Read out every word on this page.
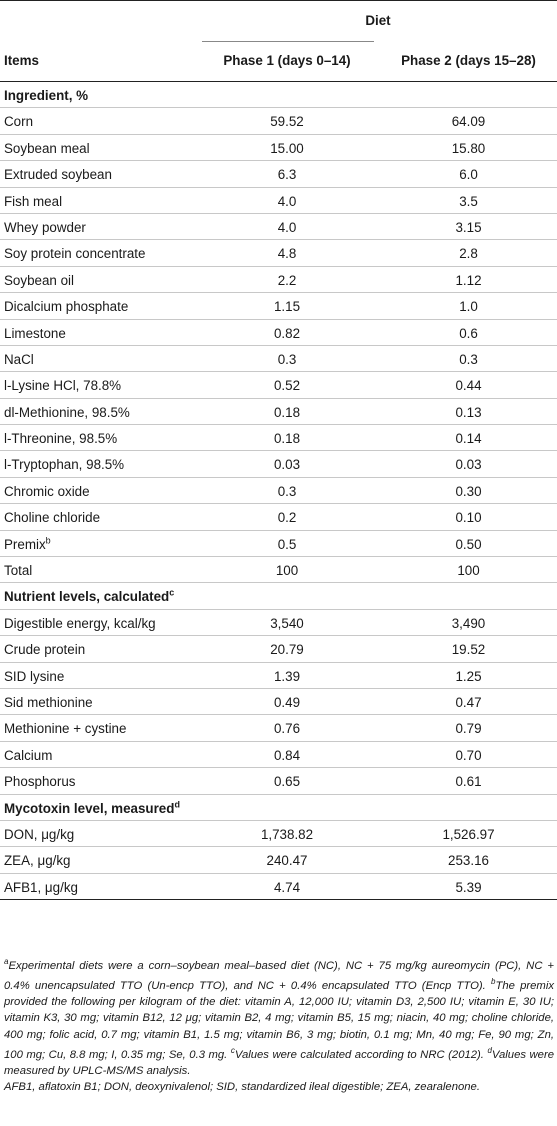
Diet
Items	Phase 1 (days 0–14)	Phase 2 (days 15–28)
Ingredient, %
Corn	59.52	64.09
Soybean meal	15.00	15.80
Extruded soybean	6.3	6.0
Fish meal	4.0	3.5
Whey powder	4.0	3.15
Soy protein concentrate	4.8	2.8
Soybean oil	2.2	1.12
Dicalcium phosphate	1.15	1.0
Limestone	0.82	0.6
NaCl	0.3	0.3
l-Lysine HCl, 78.8%	0.52	0.44
dl-Methionine, 98.5%	0.18	0.13
l-Threonine, 98.5%	0.18	0.14
l-Tryptophan, 98.5%	0.03	0.03
Chromic oxide	0.3	0.30
Choline chloride	0.2	0.10
Premix$^b$	0.5	0.50
Total	100	100
Nutrient levels, calculated$^c$
Digestible energy, kcal/kg	3,540	3,490
Crude protein	20.79	19.52
SID lysine	1.39	1.25
Sid methionine	0.49	0.47
Methionine + cystine	0.76	0.79
Calcium	0.84	0.70
Phosphorus	0.65	0.61
Mycotoxin level, measured$^d$
DON, μg/kg	1,738.82	1,526.97
ZEA, μg/kg	240.47	253.16
AFB1, μg/kg	4.74	5.39

$^a$Experimental diets were a corn–soybean meal–based diet (NC), NC + 75 mg/kg aureomycin (PC), NC + 0.4% unencapsulated TTO (Un-encp TTO), and NC + 0.4% encapsulated TTO (Encp TTO). $^b$The premix provided the following per kilogram of the diet: vitamin A, 12,000 IU; vitamin D3, 2,500 IU; vitamin E, 30 IU; vitamin K3, 30 mg; vitamin B12, 12 μg; vitamin B2, 4 mg; vitamin B5, 15 mg; niacin, 40 mg; choline chloride, 400 mg; folic acid, 0.7 mg; vitamin B1, 1.5 mg; vitamin B6, 3 mg; biotin, 0.1 mg; Mn, 40 mg; Fe, 90 mg; Zn, 100 mg; Cu, 8.8 mg; I, 0.35 mg; Se, 0.3 mg. $^c$Values were calculated according to NRC (2012). $^d$Values were measured by UPLC-MS/MS analysis.

AFB1, aflatoxin B1; DON, deoxynivalenol; SID, standardized ileal digestible; ZEA, zearalenone.
